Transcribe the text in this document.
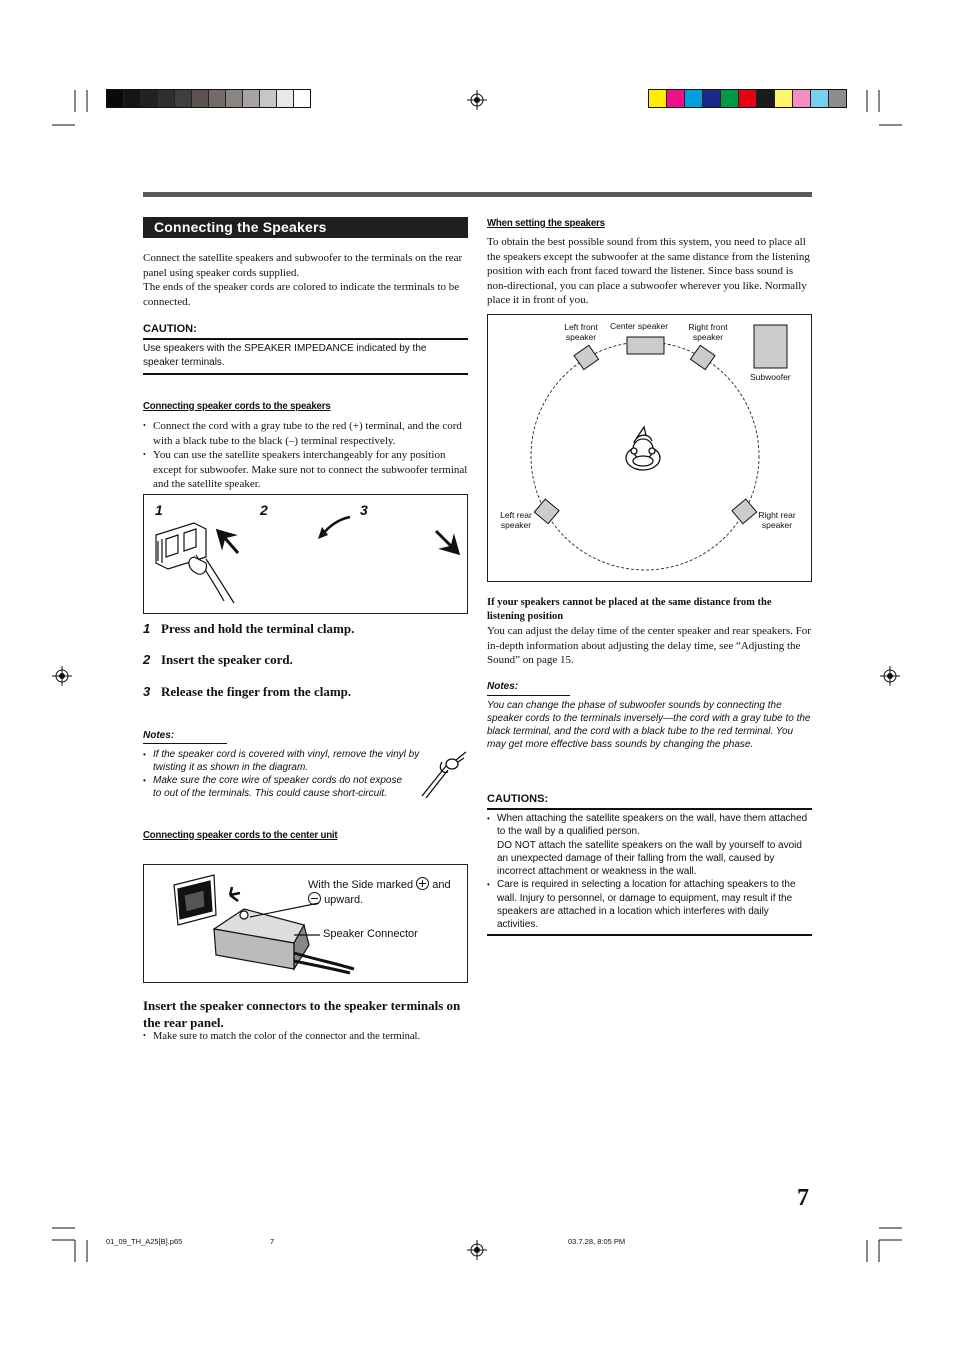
Connecting the Speakers
Connect the satellite speakers and subwoofer to the terminals on the rear panel using speaker cords supplied.
The ends of the speaker cords are colored to indicate the terminals to be connected.
CAUTION:
Use speakers with the SPEAKER IMPEDANCE indicated by the speaker terminals.
Connecting speaker cords to the speakers
• Connect the cord with a gray tube to the red (+) terminal, and the cord with a black tube to the black (–) terminal respectively.
• You can use the satellite speakers interchangeably for any position except for subwoofer. Make sure not to connect the subwoofer terminal and the satellite speaker.
1	2	3
1 Press and hold the terminal clamp.
2 Insert the speaker cord.
3 Release the finger from the clamp.
Notes:
• If the speaker cord is covered with vinyl, remove the vinyl by twisting it as shown in the diagram.
• Make sure the core wire of speaker cords do not expose to out of the terminals. This could cause short-circuit.
Connecting speaker cords to the center unit
With the Side marked and

upward.
Speaker Connector
Insert the speaker connectors to the speaker terminals on the rear panel.
• Make sure to match the color of the connector and the terminal.
When setting the speakers
To obtain the best possible sound from this system, you need to place all the speakers except the subwoofer at the same distance from the listening position with each front faced toward the listener. Since bass sound is non-directional, you can place a subwoofer wherever you like. Normally place it in front of you.
Left front
speaker
Center speaker	Right front
speaker
Subwoofer
Left rear
speaker
Right rear
speaker
If your speakers cannot be placed at the same distance from the listening position
You can adjust the delay time of the center speaker and rear speakers. For in-depth information about adjusting the delay time, see “Adjusting the Sound” on page 15.
Notes:
You can change the phase of subwoofer sounds by connecting the speaker cords to the terminals inversely—the cord with a gray tube to the black terminal, and the cord with a black tube to the red terminal. You may get more effective bass sounds by changing the phase.
CAUTIONS:
• When attaching the satellite speakers on the wall, have them attached to the wall by a qualified person.
DO NOT attach the satellite speakers on the wall by yourself to avoid an unexpected damage of their falling from the wall, caused by incorrect attachment or weakness in the wall.
• Care is required in selecting a location for attaching speakers to the wall. Injury to personnel, or damage to equipment, may result if the speakers are attached in a location which interferes with daily activities.
7
01_09_TH_A25[B].p65	7	03.7.28, 8:05 PM
